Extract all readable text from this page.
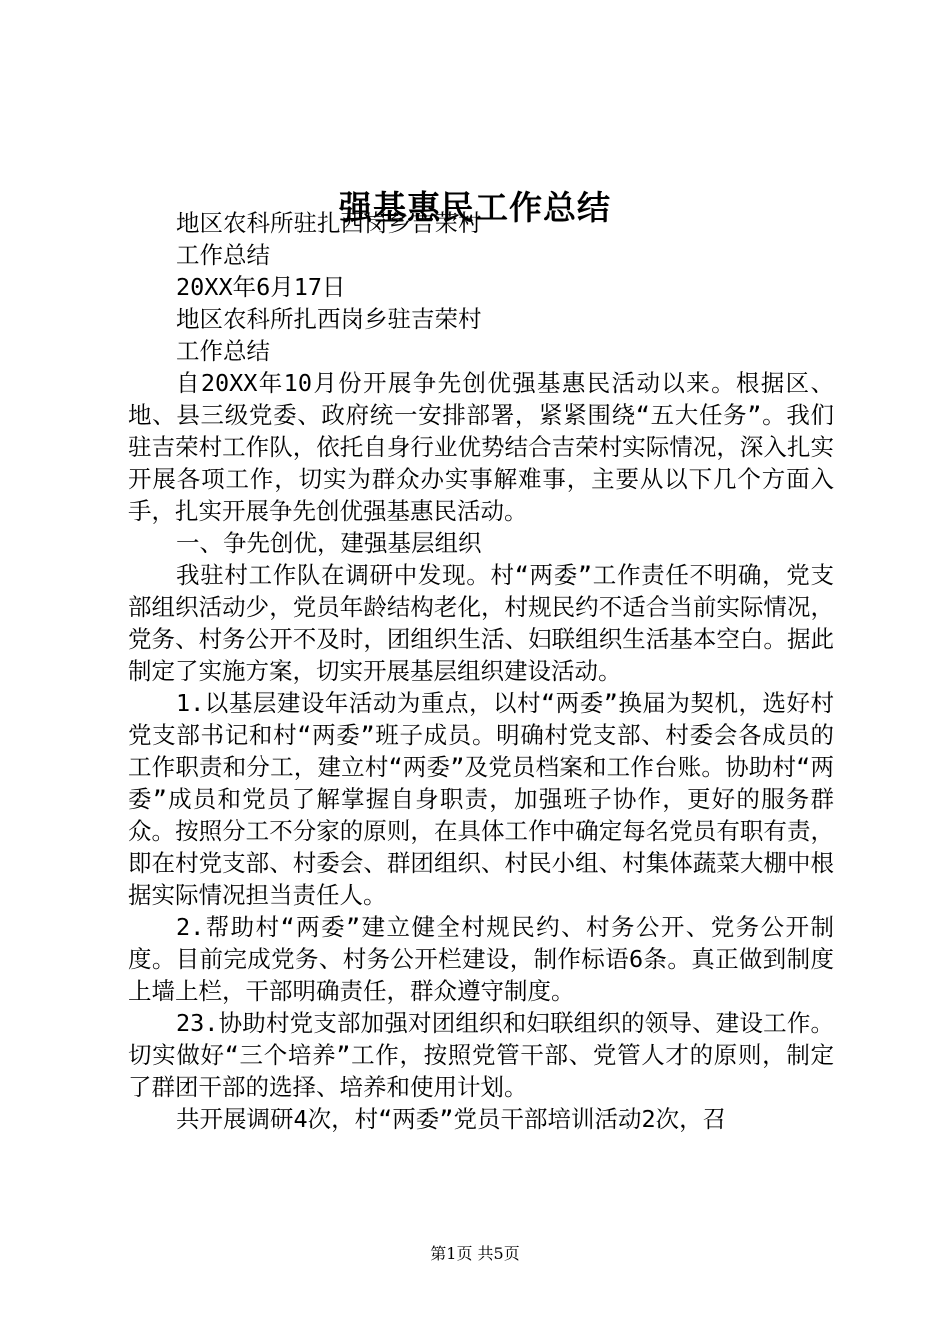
强基惠民工作总结

地区农科所驻扎西岗乡吉荣村

工作总结

20XX年6月17日

地区农科所扎西岗乡驻吉荣村

工作总结

自20XX年10月份开展争先创优强基惠民活动以来。根据区、地、县三级党委、政府统一安排部署，紧紧围绕“五大任务”。我们驻吉荣村工作队，依托自身行业优势结合吉荣村实际情况，深入扎实开展各项工作，切实为群众办实事解难事，主要从以下几个方面入手，扎实开展争先创优强基惠民活动。

一、争先创优，建强基层组织

我驻村工作队在调研中发现。村“两委”工作责任不明确，党支部组织活动少，党员年龄结构老化，村规民约不适合当前实际情况，党务、村务公开不及时，团组织生活、妇联组织生活基本空白。据此制定了实施方案，切实开展基层组织建设活动。

1.以基层建设年活动为重点，以村“两委”换届为契机，选好村党支部书记和村“两委”班子成员。明确村党支部、村委会各成员的工作职责和分工，建立村“两委”及党员档案和工作台账。协助村“两委”成员和党员了解掌握自身职责，加强班子协作，更好的服务群众。按照分工不分家的原则，在具体工作中确定每名党员有职有责，即在村党支部、村委会、群团组织、村民小组、村集体蔬菜大棚中根据实际情况担当责任人。

2.帮助村“两委”建立健全村规民约、村务公开、党务公开制度。目前完成党务、村务公开栏建设，制作标语6条。真正做到制度上墙上栏，干部明确责任，群众遵守制度。

23.协助村党支部加强对团组织和妇联组织的领导、建设工作。切实做好“三个培养”工作，按照党管干部、党管人才的原则，制定了群团干部的选择、培养和使用计划。

共开展调研4次，村“两委”党员干部培训活动2次，召

第1页 共5页
